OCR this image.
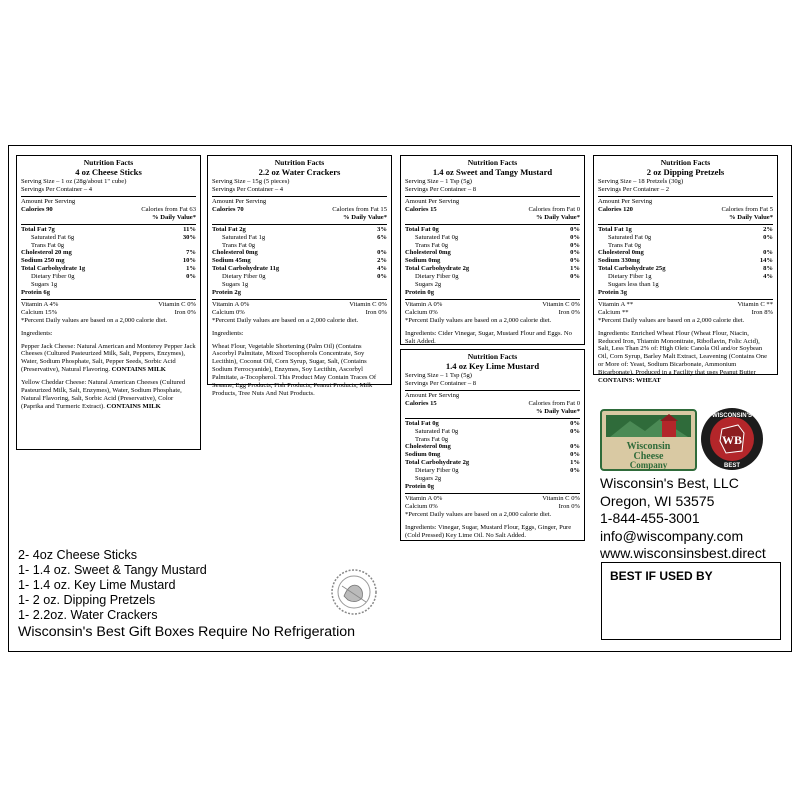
Nutrition Facts
4 oz Cheese Sticks
Serving Size – 1 oz (28g/about 1" cube)
Servings Per Container – 4
Amount Per Serving
Calories 90	Calories from Fat 63
% Daily Value*
Total Fat 7g	11%
Saturated Fat 6g	30%
Trans Fat 0g
Cholesterol 20 mg	7%
Sodium 250 mg	10%
Total Carbohydrate 1g	1%
Dietary Fiber 0g	0%
Sugars 1g
Protein 6g
Vitamin A 4%	Vitamin C 0%
Calcium 15%	Iron 0%
*Percent Daily values are based on a 2,000 calorie diet.

Ingredients:

Pepper Jack Cheese: Natural American and Monterey Pepper Jack Cheeses (Cultured Pasteurized Milk, Salt, Peppers, Enzymes), Water, Sodium Phosphate, Salt, Pepper Seeds, Sorbic Acid (Preservative), Natural Flavoring. CONTAINS MILK

Yellow Cheddar Cheese: Natural American Cheeses (Cultured Pasteurized Milk, Salt, Enzymes), Water, Sodium Phosphate, Natural Flavoring, Salt, Sorbic Acid (Preservative), Color (Paprika and Turmeric Extract). CONTAINS MILK

Nutrition Facts
2.2 oz Water Crackers
Serving Size – 15g (5 pieces)
Servings Per Container – 4
Amount Per Serving
Calories 70	Calories from Fat 15
% Daily Value*
Total Fat 2g	3%
Saturated Fat 1g	6%
Trans Fat 0g
Cholesterol 0mg	0%
Sodium 45mg	2%
Total Carbohydrate 11g	4%
Dietary Fiber 0g	0%
Sugars 1g
Protein 2g
Vitamin A 0%	Vitamin C 0%
Calcium 0%	Iron 0%
*Percent Daily values are based on a 2,000 calorie diet.

Ingredients:

Wheat Flour, Vegetable Shortening (Palm Oil) (Contains Ascorbyl Palmitate, Mixed Tocopherols Concentrate, Soy Lecithin), Coconut Oil, Corn Syrup, Sugar, Salt, (Contains Sodium Ferrocyanide), Enzymes, Soy Lecithin, Ascorbyl Palmitate, a-Tocopherol. This Product May Contain Traces Of Sesame, Egg Products, Fish Products, Peanut Products, Milk Products, Tree Nuts And Nut Products.

Nutrition Facts
1.4 oz Sweet and Tangy Mustard
Serving Size – 1 Tsp (5g)
Servings Per Container – 8
Amount Per Serving
Calories 15	Calories from Fat 0
% Daily Value*
Total Fat 0g	0%
Saturated Fat 0g	0%
Trans Fat 0g	0%
Cholesterol 0mg	0%
Sodium 0mg	0%
Total Carbohydrate 2g	1%
Dietary Fiber 0g	0%
Sugars 2g
Protein 0g
Vitamin A 0%	Vitamin C 0%
Calcium 0%	Iron 0%
*Percent Daily values are based on a 2,000 calorie diet.

Ingredients: Cider Vinegar, Sugar, Mustard Flour and Eggs. No Salt Added.

Nutrition Facts
1.4 oz Key Lime Mustard
Serving Size – 1 Tsp (5g)
Servings Per Container – 8
Amount Per Serving
Calories 15	Calories from Fat 0
% Daily Value*
Total Fat 0g	0%
Saturated Fat 0g	0%
Trans Fat 0g
Cholesterol 0mg	0%
Sodium 0mg	0%
Total Carbohydrate 2g	1%
Dietary Fiber 0g	0%
Sugars 2g
Protein 0g
Vitamin A 0%	Vitamin C 0%
Calcium 0%	Iron 0%
*Percent Daily values are based on a 2,000 calorie diet.

Ingredients: Vinegar, Sugar, Mustard Flour, Eggs, Ginger, Pure (Cold Pressed) Key Lime Oil. No Salt Added.

Nutrition Facts
2 oz Dipping Pretzels
Serving Size – 18 Pretzels (30g)
Servings Per Container – 2
Amount Per Serving
Calories 120	Calories from Fat 5
% Daily Value*
Total Fat 1g	2%
Saturated Fat 0g	0%
Trans Fat 0g
Cholesterol 0mg	0%
Sodium 330mg	14%
Total Carbohydrate 25g	8%
Dietary Fiber 1g	4%
Sugars less than 1g
Protein 3g
Vitamin A **	Vitamin C **
Calcium **	Iron 8%
*Percent Daily values are based on a 2,000 calorie diet.

Ingredients: Enriched Wheat Flour (Wheat Flour, Niacin, Reduced Iron, Thiamin Mononitrate, Riboflavin, Folic Acid), Salt, Less Than 2% of: High Oleic Canola Oil and/or Soybean Oil, Corn Syrup, Barley Malt Extract, Leavening (Contains One or More of: Yeast, Sodium Bicarbonate, Ammonium Bicarbonate). Produced in a Facility that uses Peanut Butter CONTAINS: WHEAT

Wisconsin
Cheese
Company
WB
WISCONSIN'S
BEST
Wisconsin's Best, LLC
Oregon, WI 53575
1-844-455-3001
info@wiscompany.com
www.wisconsinsbest.direct
BEST IF USED BY
2- 4oz Cheese Sticks
1- 1.4 oz. Sweet & Tangy Mustard
1- 1.4 oz. Key Lime Mustard
1- 2 oz. Dipping Pretzels
1- 2.2oz. Water Crackers
Wisconsin's Best Gift Boxes Require No Refrigeration
